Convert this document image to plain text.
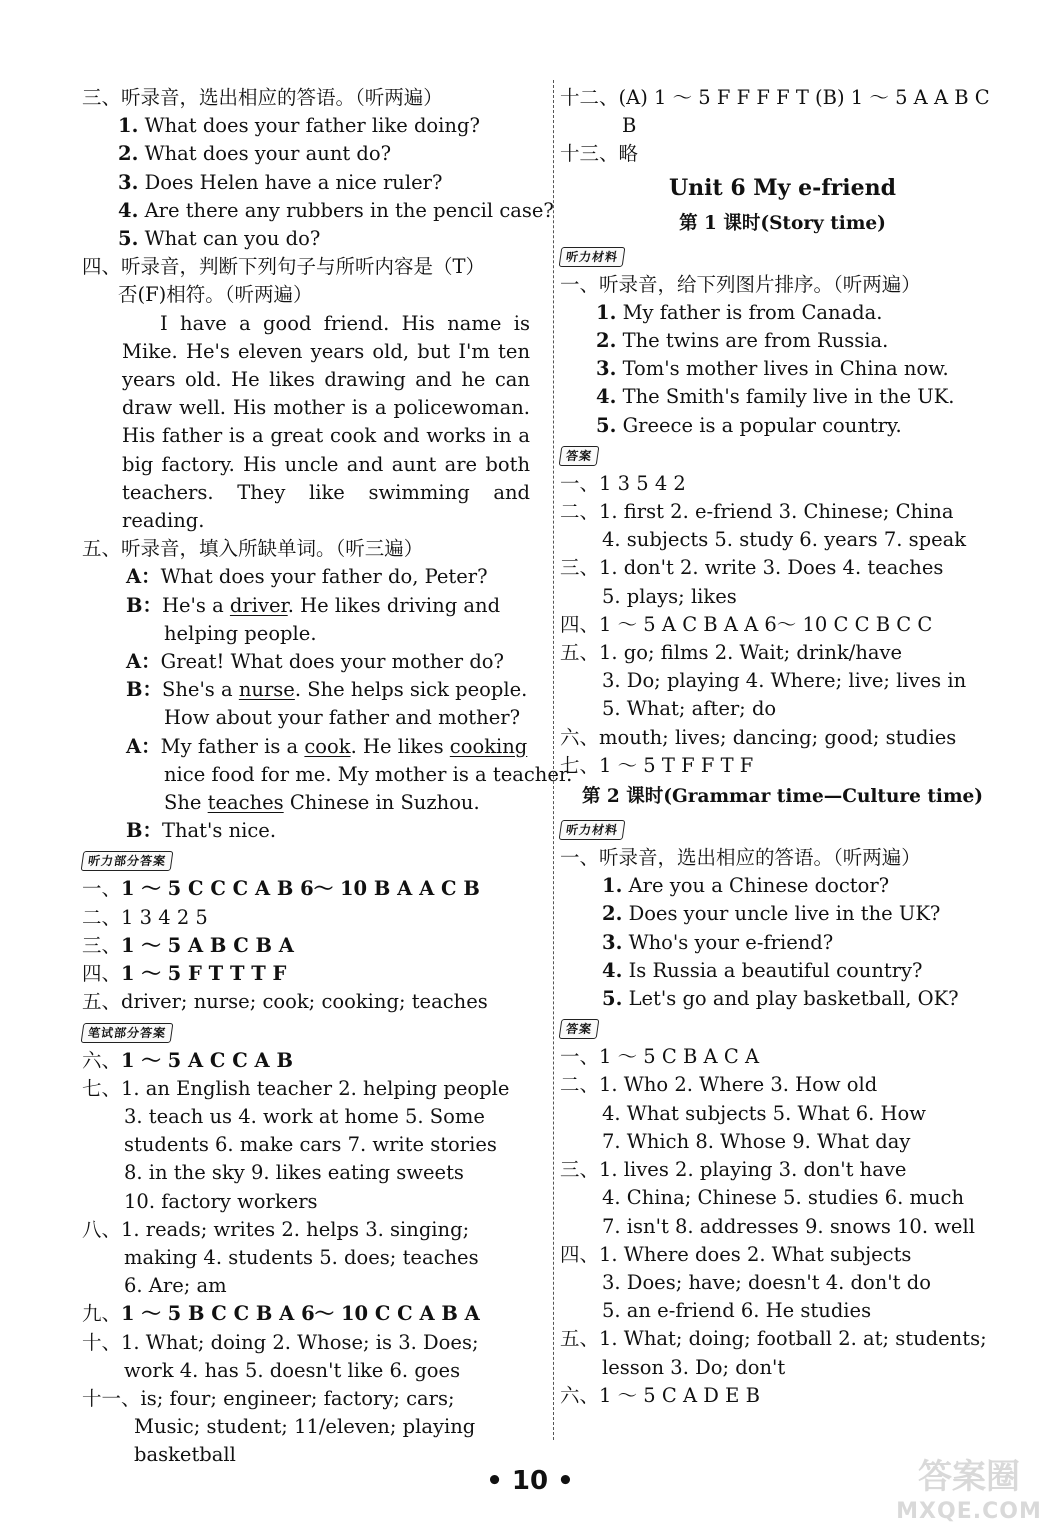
三、听录音，选出相应的答语。（听两遍）
1. What does your father like doing?
2. What does your aunt do?
3. Does Helen have a nice ruler?
4. Are there any rubbers in the pencil case?
5. What can you do?
四、听录音，判断下列句子与所听内容是（T）
否(F)相符。（听两遍）

I have a good friend. His name is Mike. He's eleven years old, but I'm ten years old. He likes drawing and he can draw well. His mother is a policewoman. His father is a great cook and works in a big factory. His uncle and aunt are both teachers. They like swimming and reading.

五、听录音，填入所缺单词。（听三遍）
A：What does your father do, Peter?
B：He's a driver. He likes driving and
helping people.
A：Great! What does your mother do?
B：She's a nurse. She helps sick people.
How about your father and mother?
A：My father is a cook. He likes cooking
nice food for me. My mother is a teacher.
She teaches Chinese in Suzhou.
B：That's nice.
听力部分答案
一、1 ～ 5 C C C A B 6～ 10 B A A C B
二、1 3 4 2 5
三、1 ～ 5 A B C B A
四、1 ～ 5 F T T T F
五、driver; nurse; cook; cooking; teaches
笔试部分答案
六、1 ～ 5 A C C A B
七、1. an English teacher 2. helping people
3. teach us 4. work at home 5. Some
students 6. make cars 7. write stories
8. in the sky 9. likes eating sweets
10. factory workers
八、1. reads; writes 2. helps 3. singing;
making 4. students 5. does; teaches
6. Are; am
九、1 ～ 5 B C C B A 6～ 10 C C A B A
十、1. What; doing 2. Whose; is 3. Does;
work 4. has 5. doesn't like 6. goes
十一、is; four; engineer; factory; cars;
Music; student; 11/eleven; playing
basketball
十二、(A) 1 ～ 5 F F F F T (B) 1 ～ 5 A A B C
B
十三、略
Unit 6 My e-friend
第 1 课时(Story time)
听力材料
一、听录音，给下列图片排序。（听两遍）
1. My father is from Canada.
2. The twins are from Russia.
3. Tom's mother lives in China now.
4. The Smith's family live in the UK.
5. Greece is a popular country.
答案
一、1 3 5 4 2
二、1. first 2. e-friend 3. Chinese; China
4. subjects 5. study 6. years 7. speak
三、1. don't 2. write 3. Does 4. teaches
5. plays; likes
四、1 ～ 5 A C B A A 6～ 10 C C B C C
五、1. go; films 2. Wait; drink/have
3. Do; playing 4. Where; live; lives in
5. What; after; do
六、mouth; lives; dancing; good; studies
七、1 ～ 5 T F F T F
第 2 课时(Grammar time—Culture time)
听力材料
一、听录音，选出相应的答语。（听两遍）
1. Are you a Chinese doctor?
2. Does your uncle live in the UK?
3. Who's your e-friend?
4. Is Russia a beautiful country?
5. Let's go and play basketball, OK?
答案
一、1 ～ 5 C B A C A
二、1. Who 2. Where 3. How old
4. What subjects 5. What 6. How
7. Which 8. Whose 9. What day
三、1. lives 2. playing 3. don't have
4. China; Chinese 5. studies 6. much
7. isn't 8. addresses 9. snows 10. well
四、1. Where does 2. What subjects
3. Does; have; doesn't 4. don't do
5. an e-friend 6. He studies
五、1. What; doing; football 2. at; students;
lesson 3. Do; don't
六、1 ～ 5 C A D E B
• 10 •	答案圈
MXQE.COM
